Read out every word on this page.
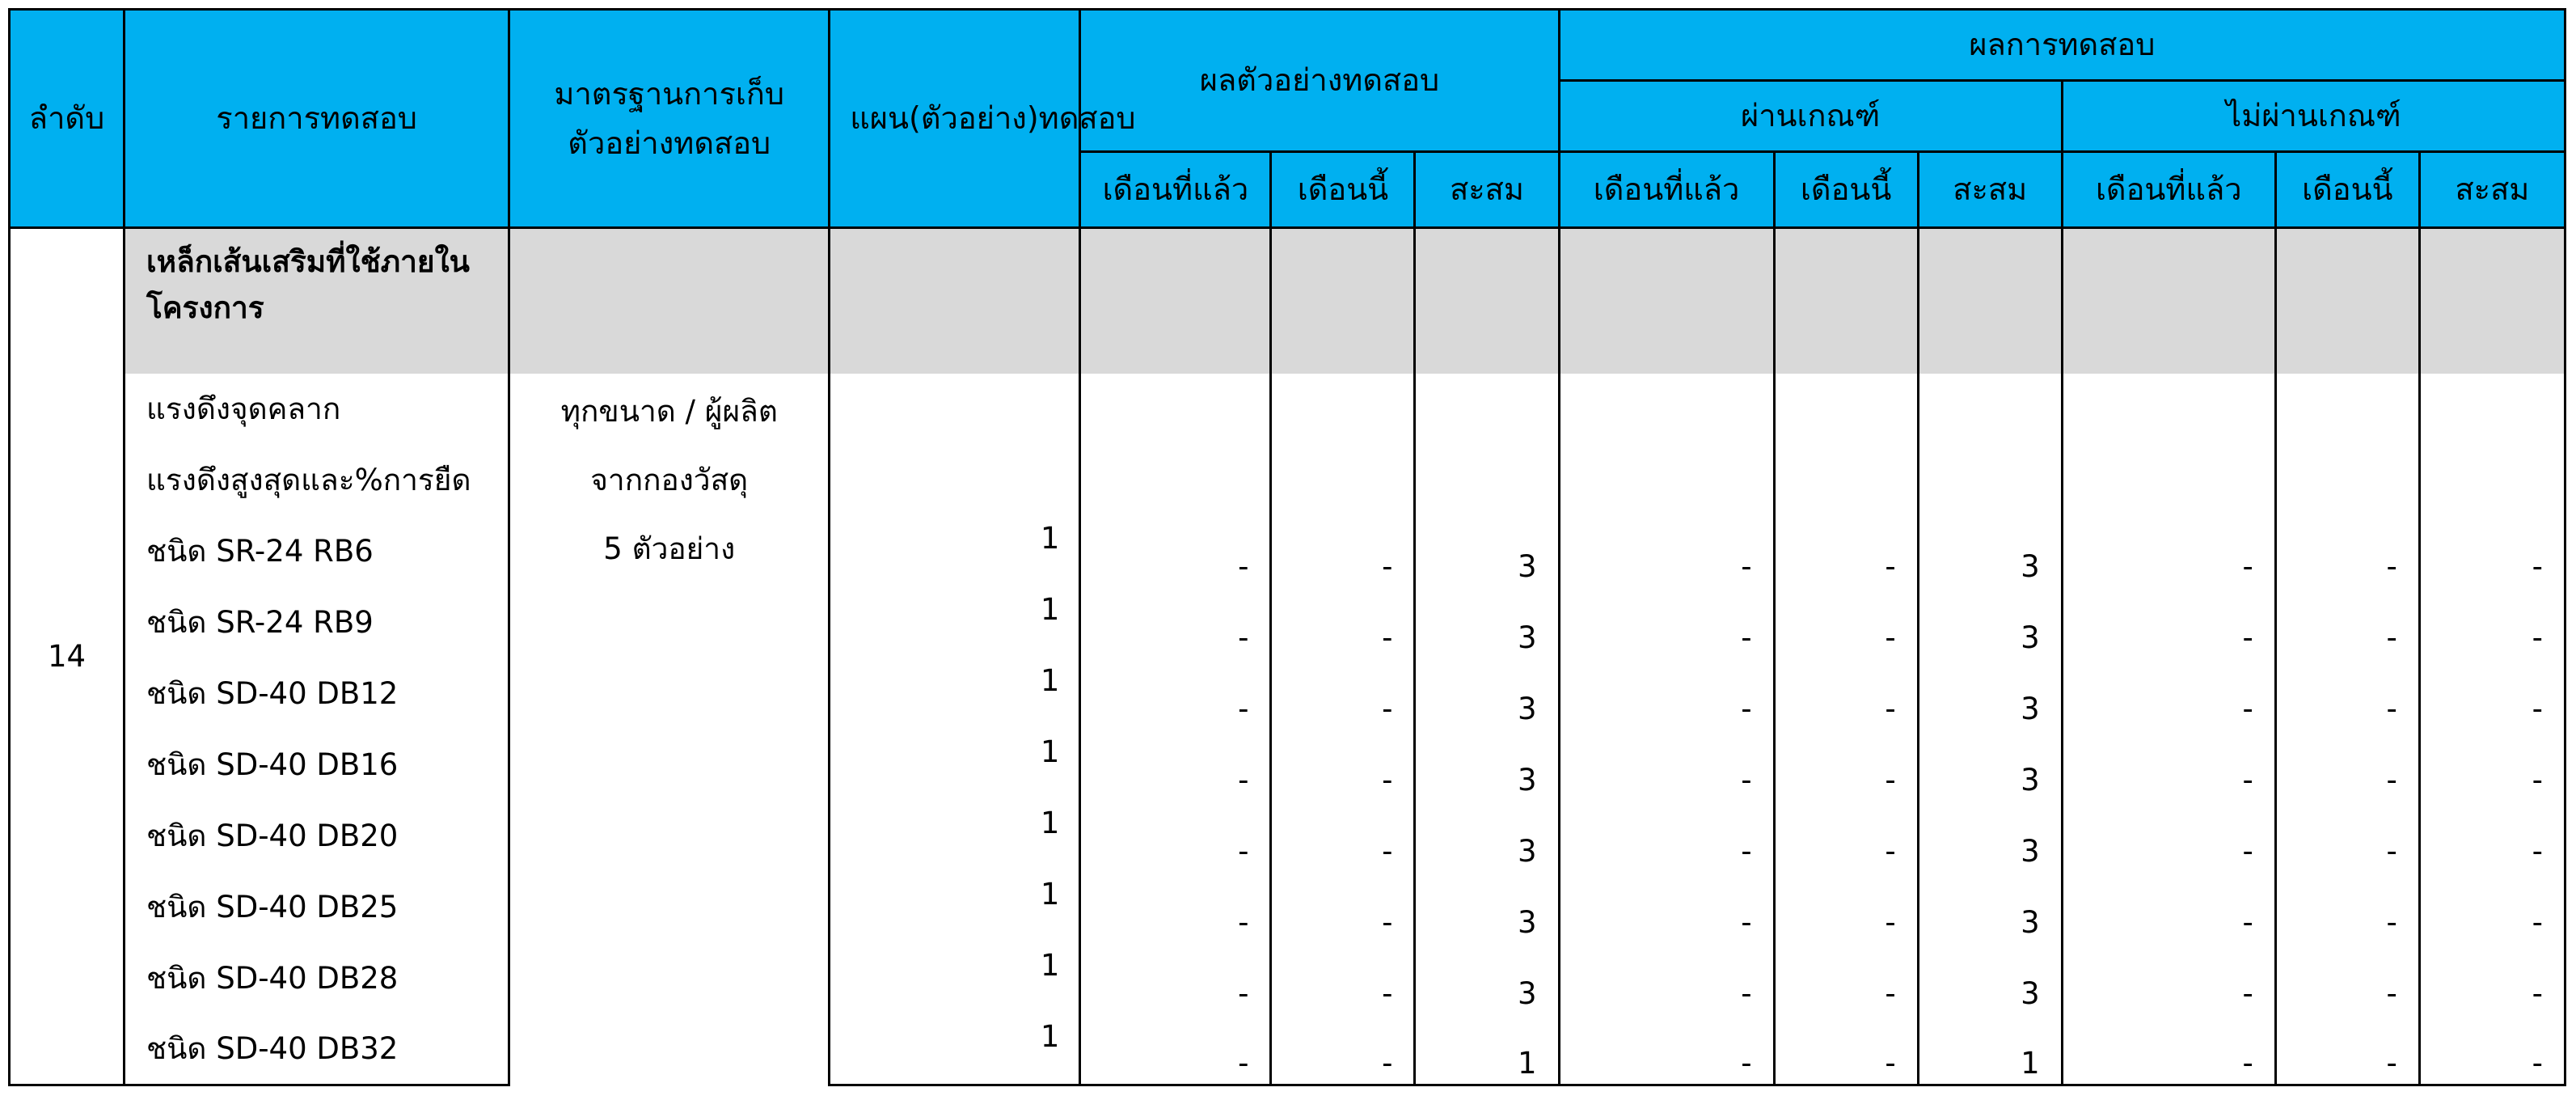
ลำดับ	รายการทดสอบ	มาตรฐานการเก็บตัวอย่างทดสอบ	แผน(ตัวอย่าง)ทดสอบ	ผลตัวอย่างทดสอบ			ผลการทดสอบ					
							ผ่านเกณฑ์			ไม่ผ่านเกณฑ์		
				เดือนที่แล้ว	เดือนนี้	สะสม	เดือนที่แล้ว	เดือนนี้	สะสม	เดือนที่แล้ว	เดือนนี้	สะสม
14	เหล็กเส้นเสริมที่ใช้ภายในโครงการ											
	แรงดึงจุดคลาก	ทุกขนาด / ผู้ผลิต
จากกองวัสดุ
5 ตัวอย่าง										

	แรงดึงสูงสุดและ%การยืด											
	ชนิด SR-24 RB6		1	-	-	3	-	-	3	-	-	-
	ชนิด SR-24 RB9		1	-	-	3	-	-	3	-	-	-
	ชนิด SD-40 DB12		1	-	-	3	-	-	3	-	-	-
	ชนิด SD-40 DB16		1	-	-	3	-	-	3	-	-	-
	ชนิด SD-40 DB20		1	-	-	3	-	-	3	-	-	-
	ชนิด SD-40 DB25		1	-	-	3	-	-	3	-	-	-
	ชนิด SD-40 DB28		1	-	-	3	-	-	3	-	-	-
	ชนิด SD-40 DB32		1	-	-	1	-	-	1	-	-	-
